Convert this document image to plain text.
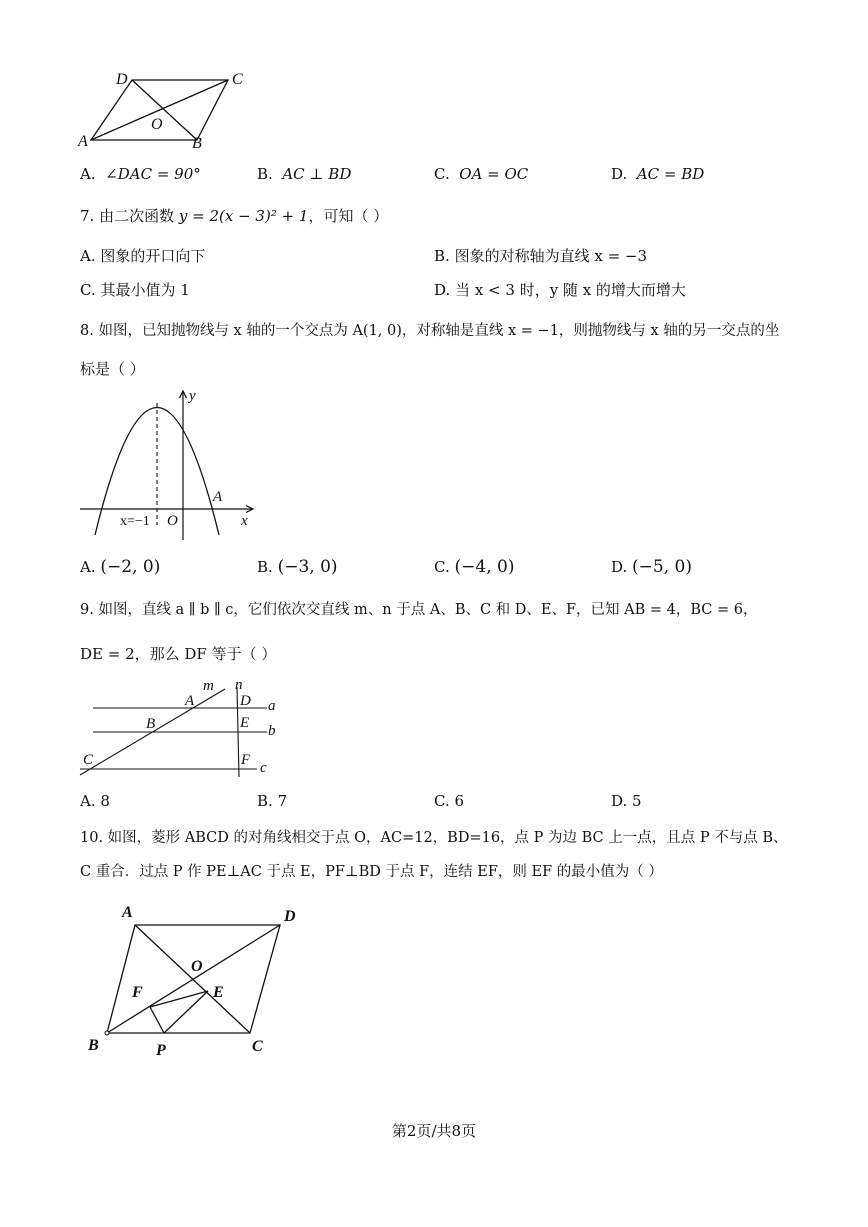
D	C
O
A	B
A. ∠DAC = 90°	B. AC ⊥ BD	C. OA = OC	D. AC = BD
7. 由二次函数 y = 2(x − 3)² + 1，可知（ ）
A. 图象的开口向下	B. 图象的对称轴为直线 x = −3
C. 其最小值为 1	D. 当 x < 3 时，y 随 x 的增大而增大
8. 如图，已知抛物线与 x 轴的一个交点为 A(1, 0)，对称轴是直线 x = −1，则抛物线与 x 轴的另一交点的坐
标是（ ）
y
x
O
A
x=−1
A. (−2, 0)	B. (−3, 0)	C. (−4, 0)	D. (−5, 0)
9. 如图，直线 a ∥ b ∥ c，它们依次交直线 m、n 于点 A、B、C 和 D、E、F，已知 AB = 4，BC = 6，
DE = 2，那么 DF 等于（ ）
m n
A	D a
B	E b
C	F c
A. 8	B. 7	C. 6	D. 5
10. 如图，菱形 ABCD 的对角线相交于点 O，AC=12，BD=16，点 P 为边 BC 上一点，且点 P 不与点 B、
C 重合．过点 P 作 PE⊥AC 于点 E，PF⊥BD 于点 F，连结 EF，则 EF 的最小值为（ ）
A	D
O
F	E
B	P	C
第2页/共8页
